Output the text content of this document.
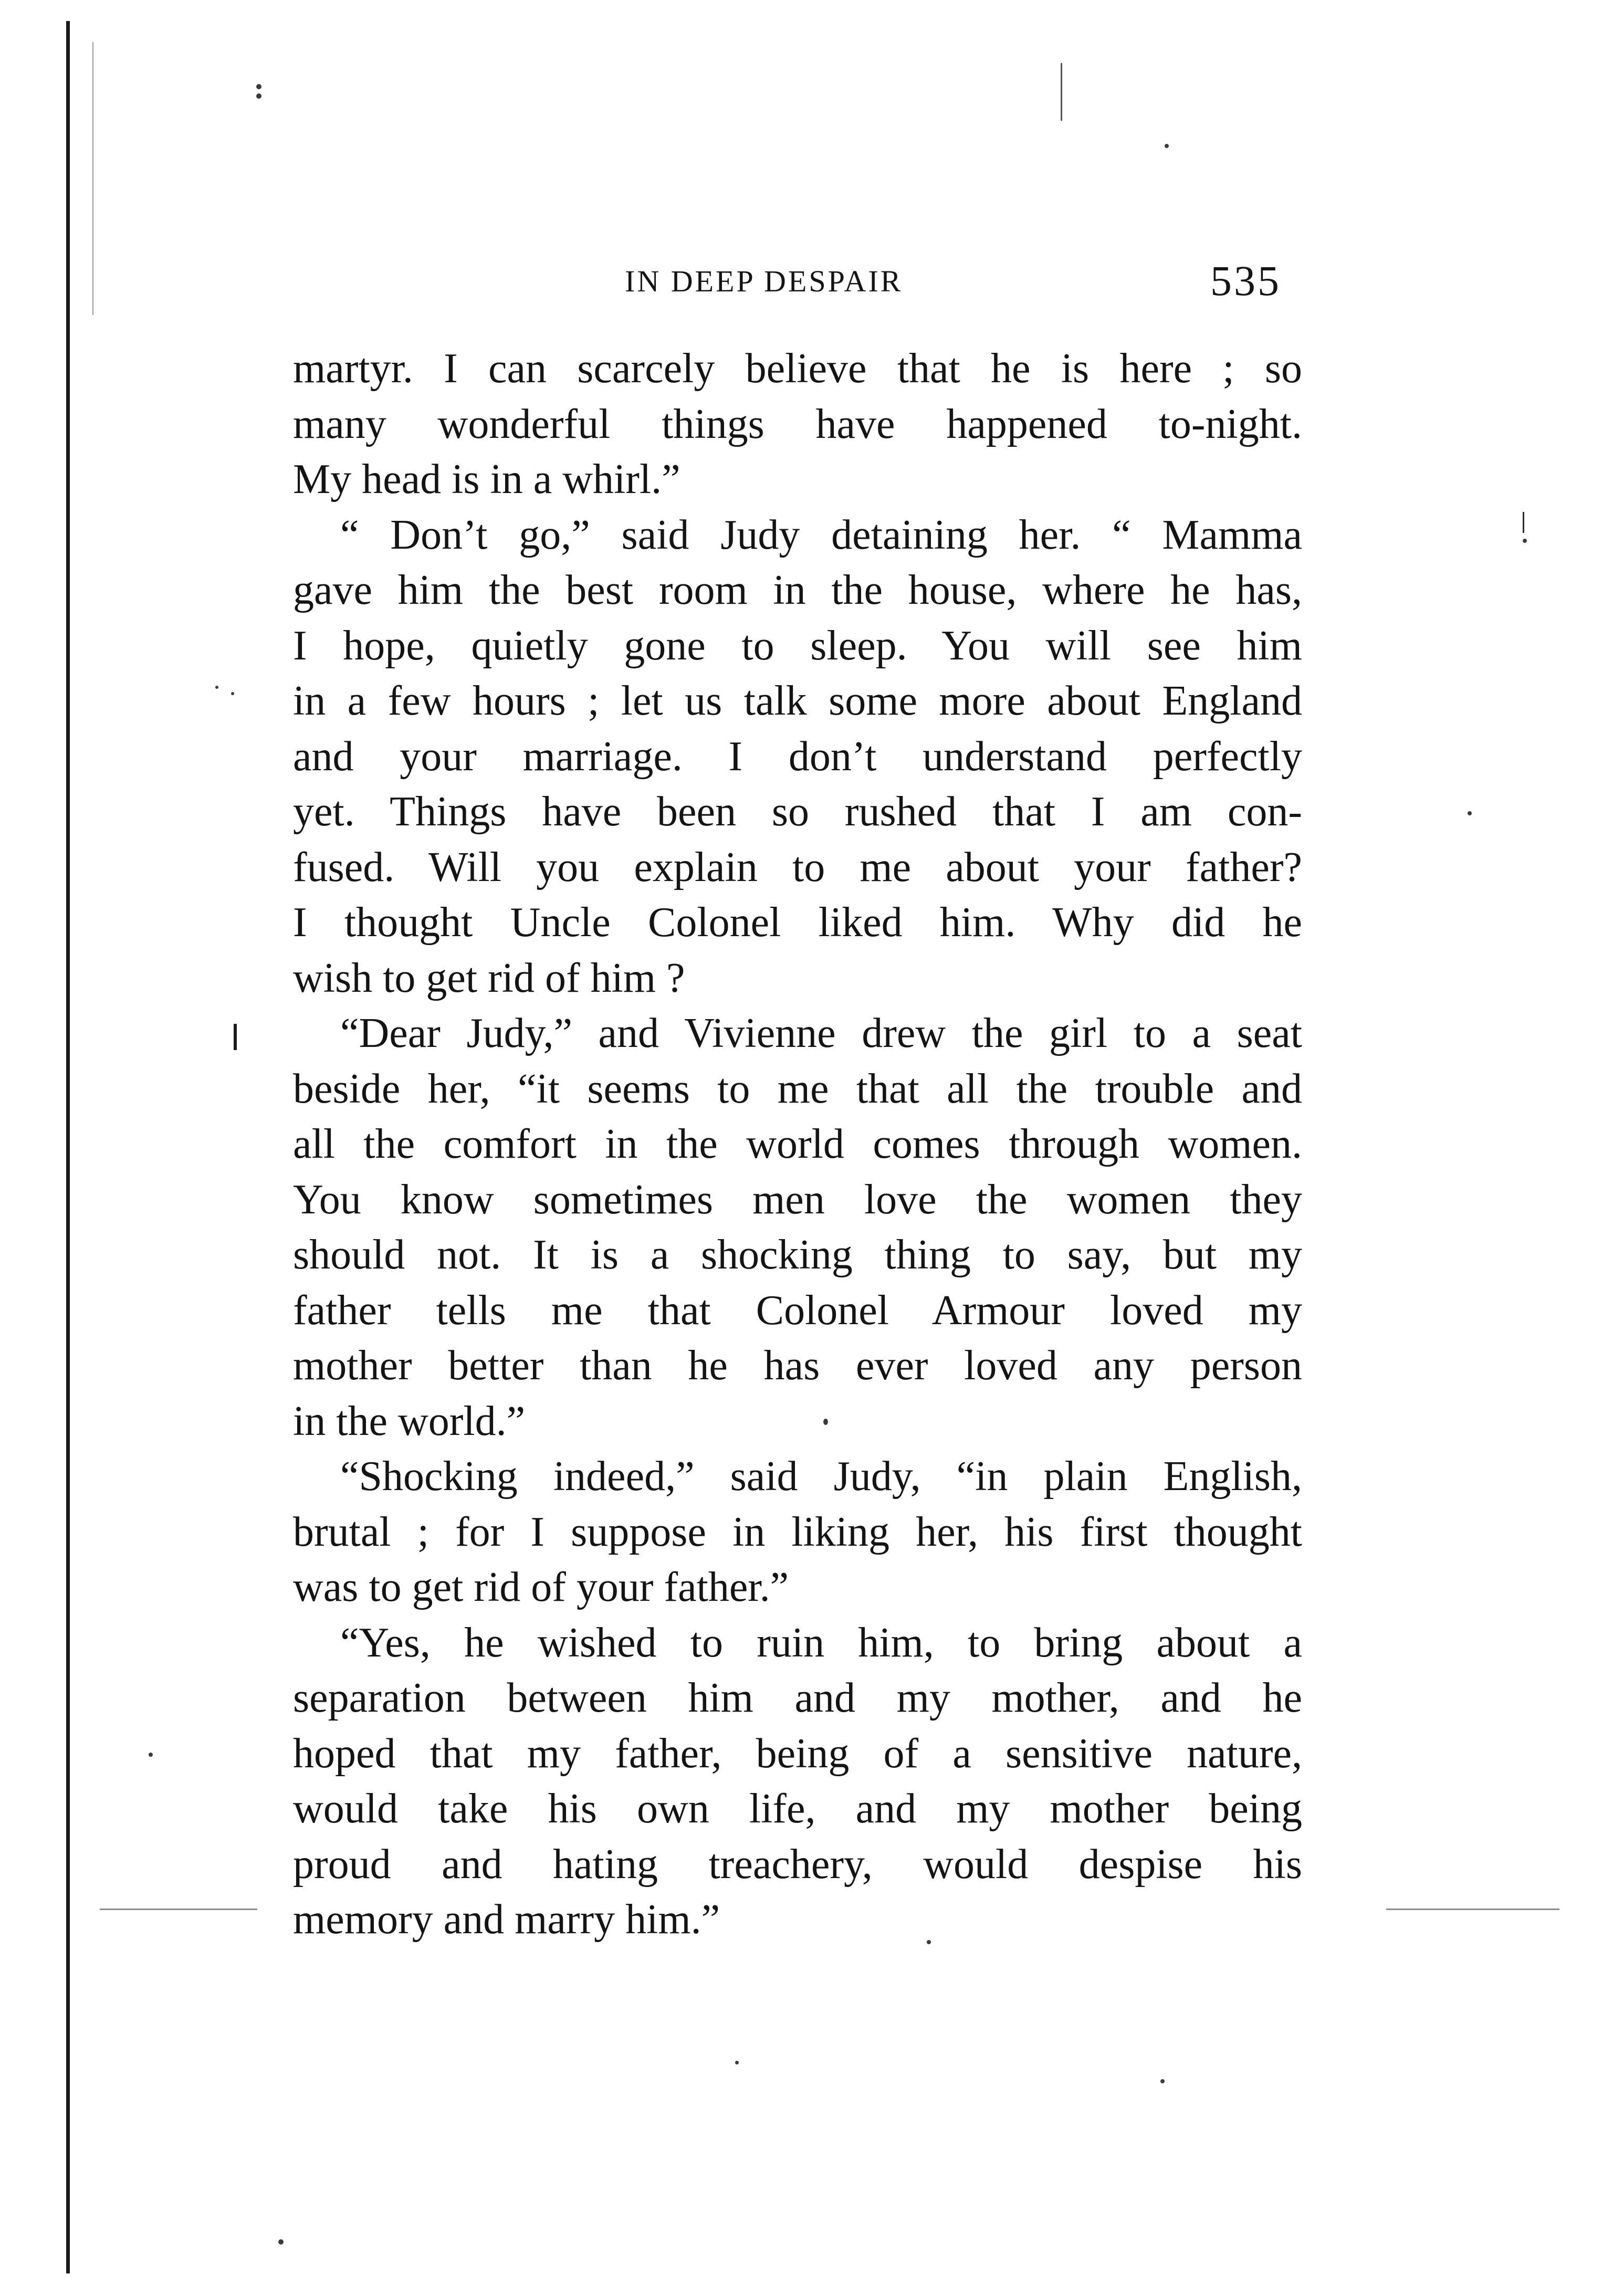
IN DEEP DESPAIR	535
martyr. I can scarcely believe that he is here ; so
many wonderful things have happened to-night.
My head is in a whirl.”
“ Don’t go,” said Judy detaining her. “ Mamma
gave him the best room in the house, where he has,
I hope, quietly gone to sleep. You will see him
in a few hours ; let us talk some more about England
and your marriage. I don’t understand perfectly
yet. Things have been so rushed that I am con-
fused. Will you explain to me about your father?
I thought Uncle Colonel liked him. Why did he
wish to get rid of him ?
“Dear Judy,” and Vivienne drew the girl to a seat
beside her, “it seems to me that all the trouble and
all the comfort in the world comes through women.
You know sometimes men love the women they
should not. It is a shocking thing to say, but my
father tells me that Colonel Armour loved my
mother better than he has ever loved any person
in the world.”
“Shocking indeed,” said Judy, “in plain English,
brutal ; for I suppose in liking her, his first thought
was to get rid of your father.”
“Yes, he wished to ruin him, to bring about a
separation between him and my mother, and he
hoped that my father, being of a sensitive nature,
would take his own life, and my mother being
proud and hating treachery, would despise his
memory and marry him.”
